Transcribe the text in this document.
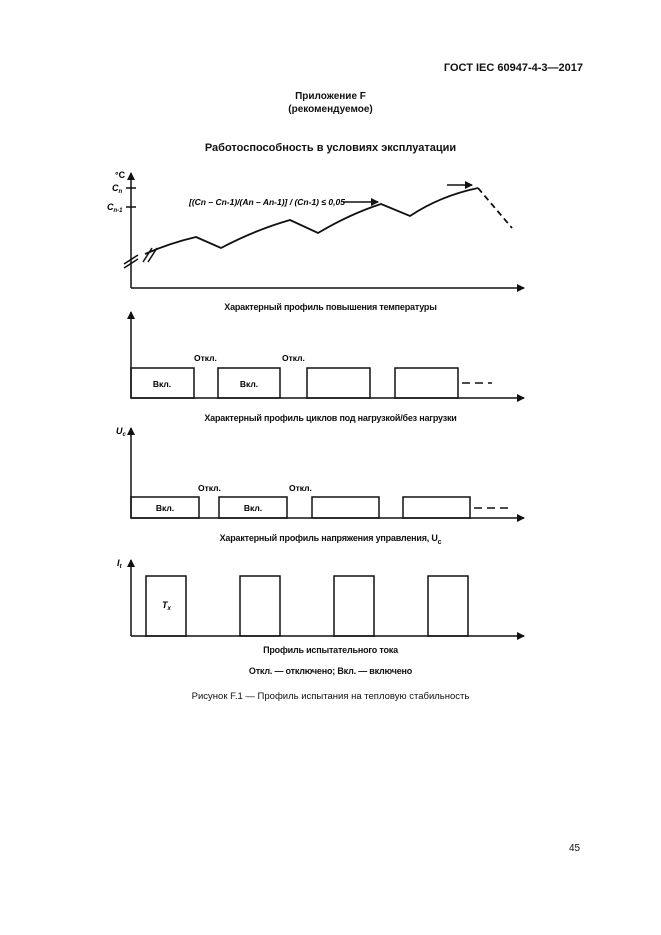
ГОСТ IEC 60947-4-3—2017
Приложение F
(рекомендуемое)
Работоспособность в условиях эксплуатации
°C
$C_n$
$C_{n-1}$
[(Cn – Cn-1)/(An – An-1)] / (Cn-1) ≤ 0,05
Откл.	Откл.
Вкл.	Вкл.
$U_c$
Откл.	Откл.
Вкл.	Вкл.
$I_t$
$T_x$
Характерный профиль повышения температуры
Характерный профиль циклов под нагрузкой/без нагрузки
Характерный профиль напряжения управления, $U_c$
Профиль испытательного тока
Откл. — отключено; Вкл. — включено
Рисунок F.1 — Профиль испытания на тепловую стабильность
45
